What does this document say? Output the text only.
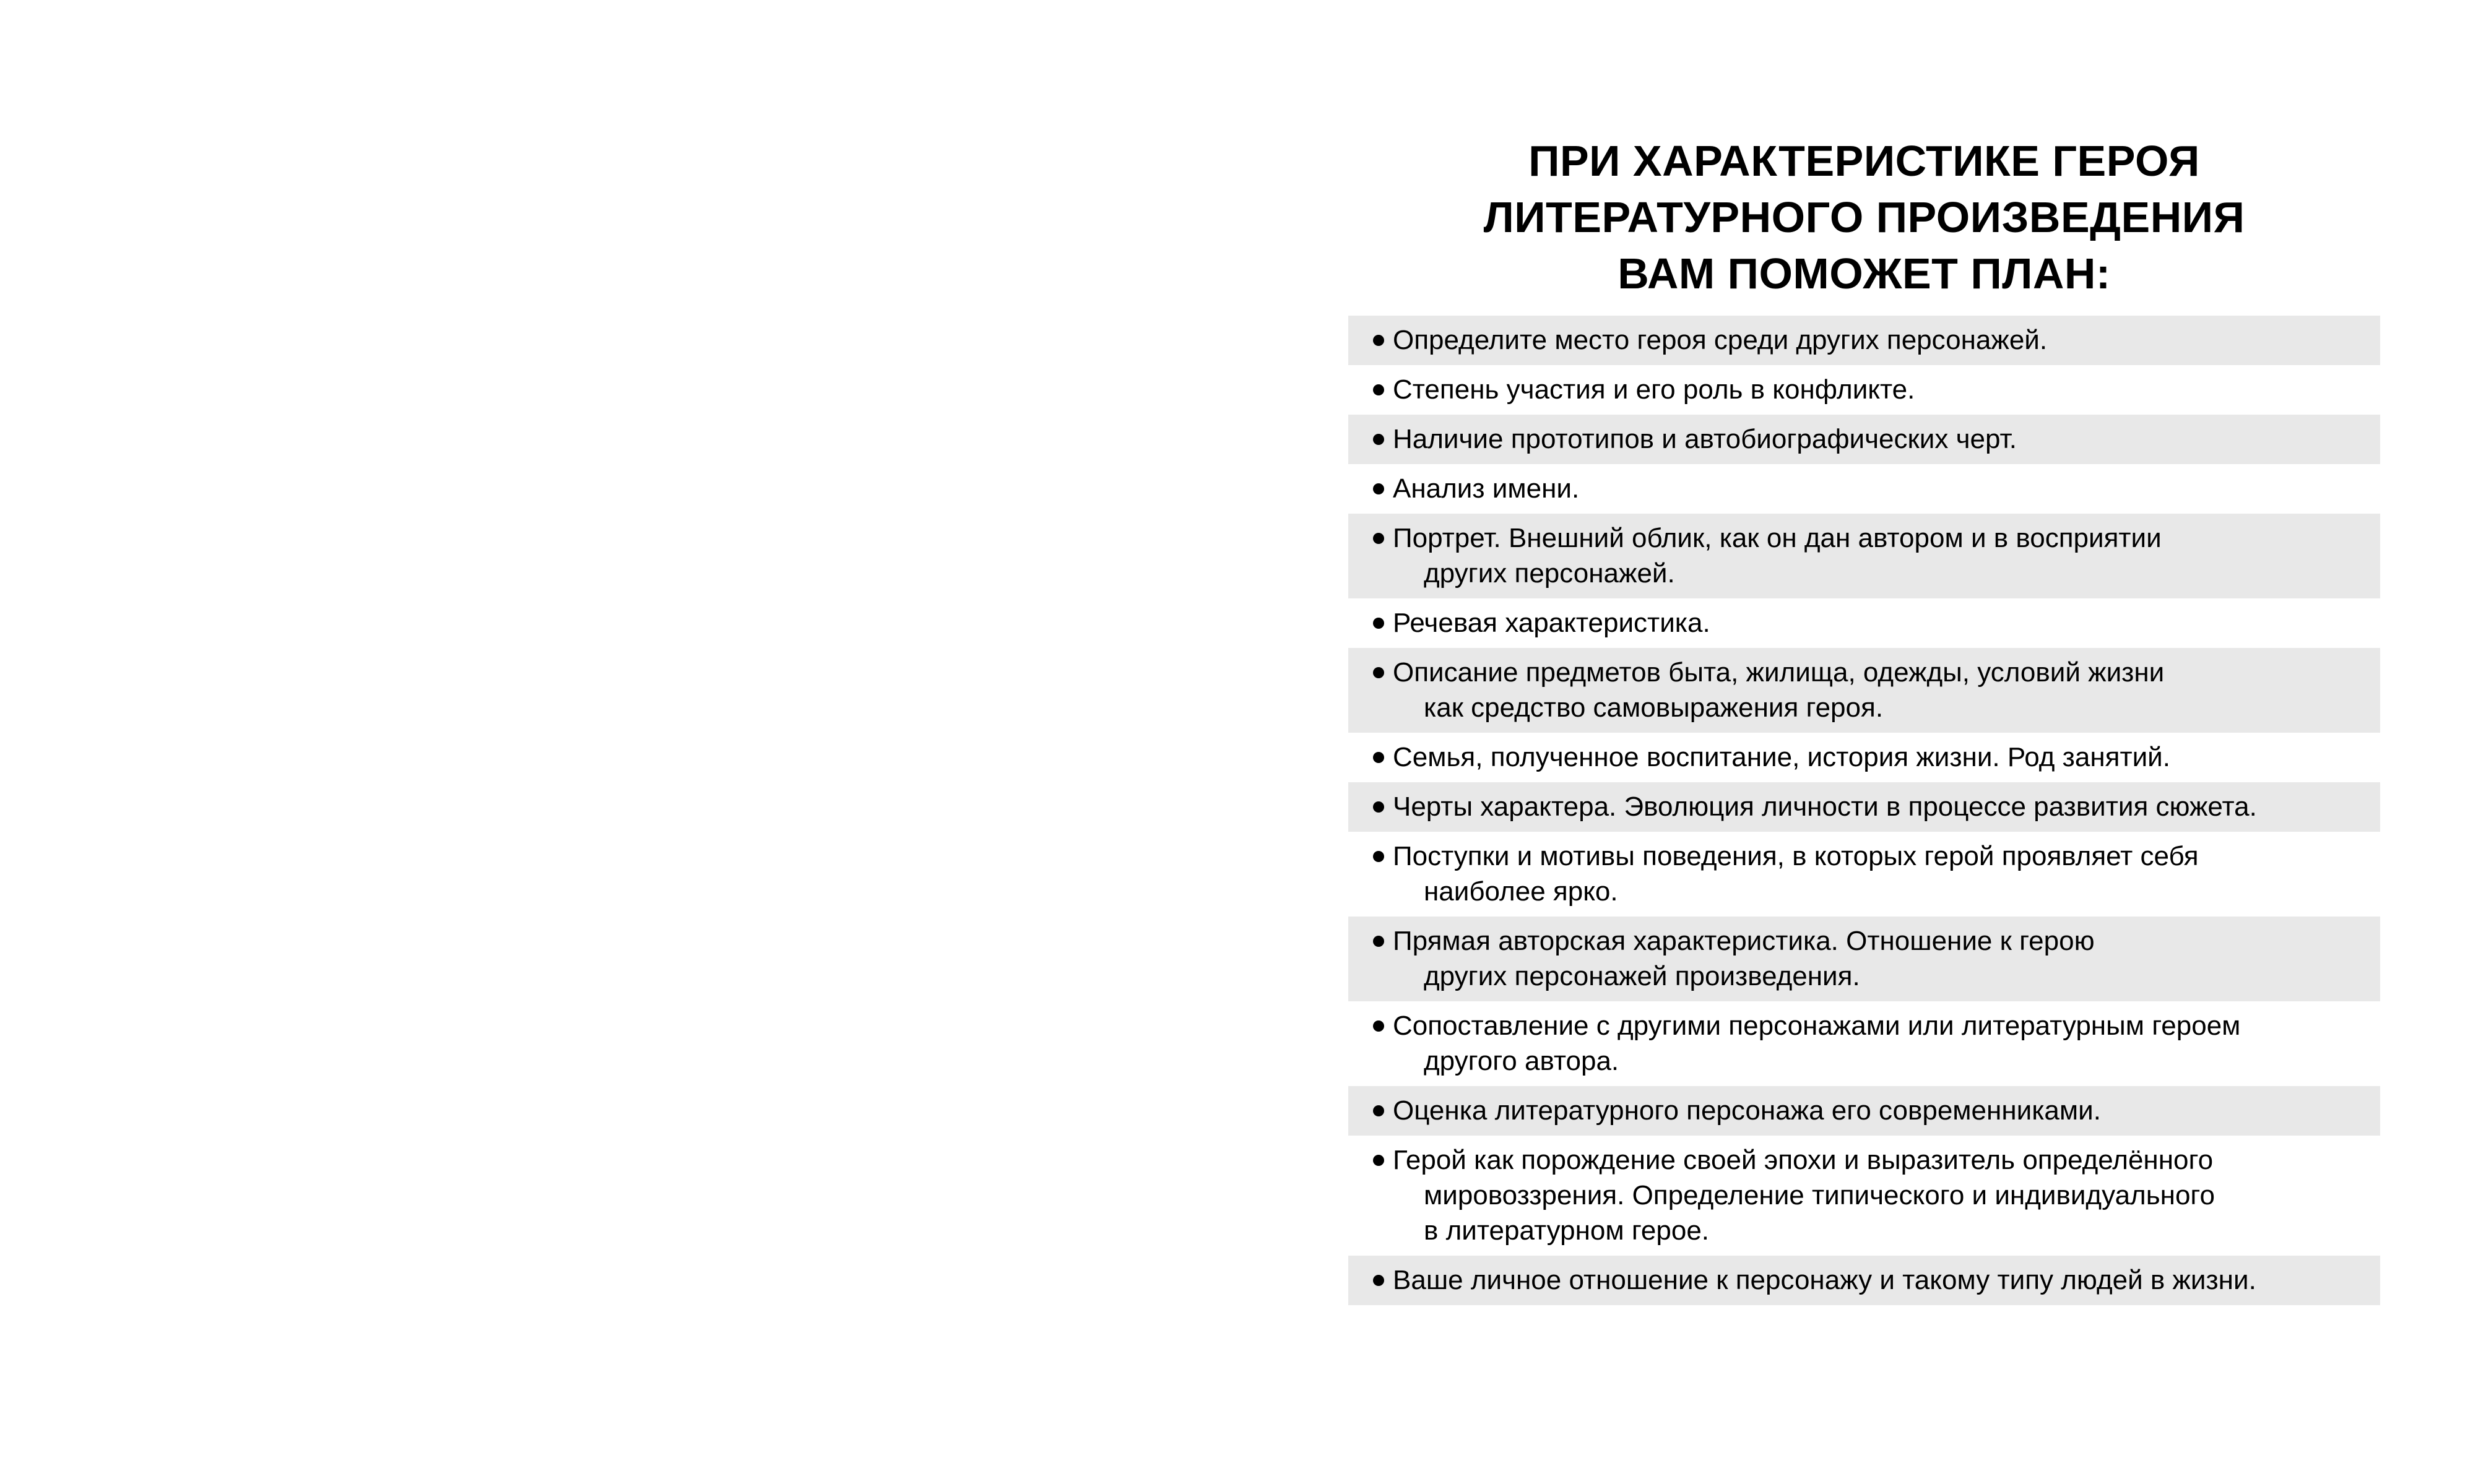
ПРИ ХАРАКТЕРИСТИКЕ ГЕРОЯ
ЛИТЕРАТУРНОГО ПРОИЗВЕДЕНИЯ
ВАМ ПОМОЖЕТ ПЛАН:
Определите место героя среди других персонажей.
Степень участия и его роль в конфликте.
Наличие прототипов и автобиографических черт.
Анализ имени.
Портрет. Внешний облик, как он дан автором и в восприятии
других персонажей.
Речевая характеристика.
Описание предметов быта, жилища, одежды, условий жизни
как средство самовыражения героя.
Семья, полученное воспитание, история жизни. Род занятий.
Черты характера. Эволюция личности в процессе развития сюжета.
Поступки и мотивы поведения, в которых герой проявляет себя
наиболее ярко.
Прямая авторская характеристика. Отношение к герою
других персонажей произведения.
Сопоставление с другими персонажами или литературным героем
другого автора.
Оценка литературного персонажа его современниками.
Герой как порождение своей эпохи и выразитель определённого
мировоззрения. Определение типического и индивидуального
в литературном герое.
Ваше личное отношение к персонажу и такому типу людей в жизни.
